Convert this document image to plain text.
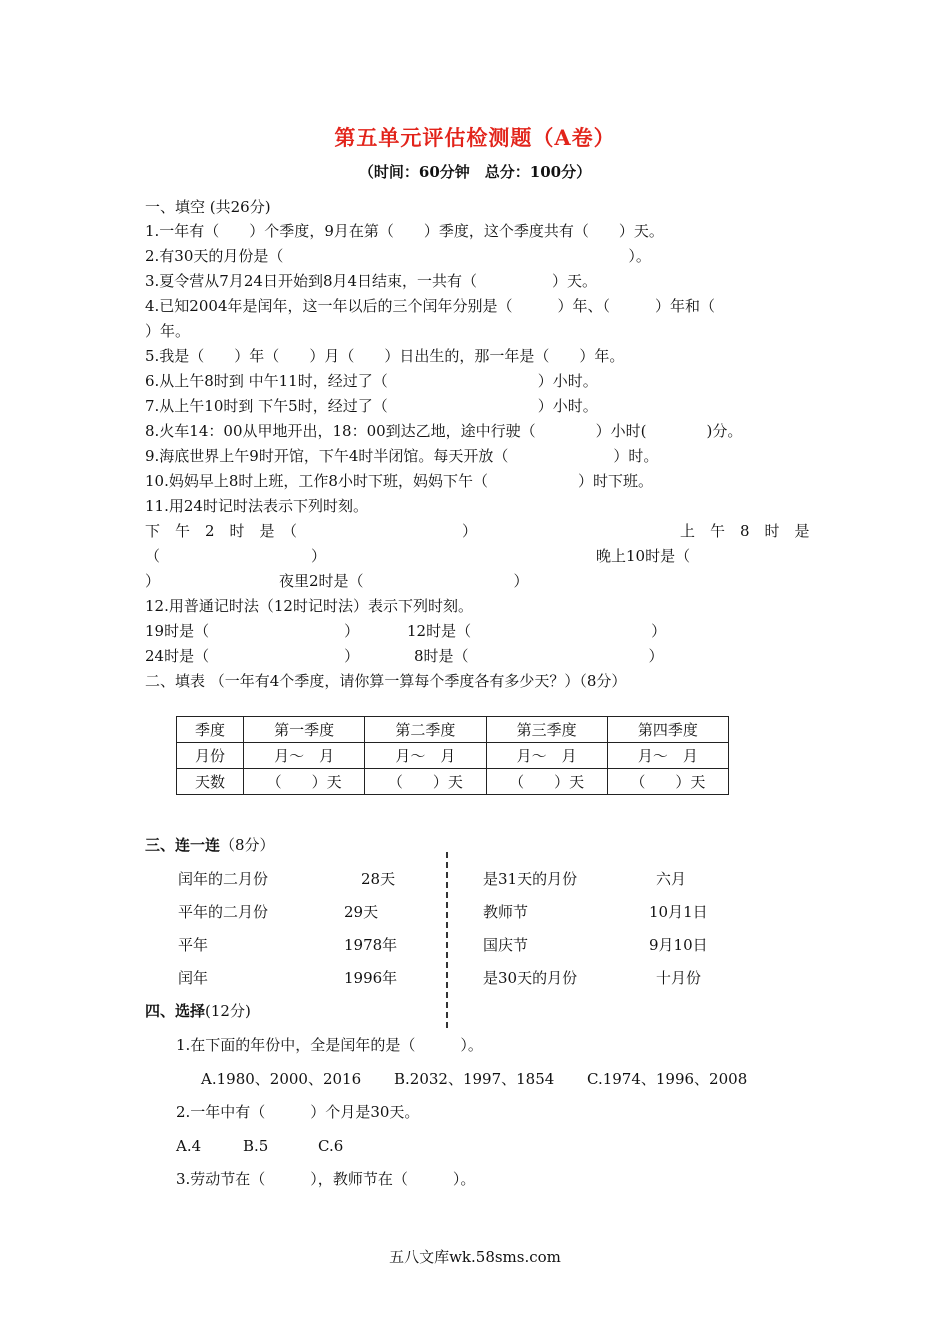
第五单元评估检测题（A卷）
（时间：60分钟　总分：100分）
一、填空 (共26分)
1.一年有（　　）个季度，9月在第（　　）季度，这个季度共有（　　）天。
2.有30天的月份是（　　　　　　　　　　　　　　　　　　　　　　　）。
3.夏令营从7月24日开始到8月4日结束，一共有（　　　　　）天。
4.已知2004年是闰年，这一年以后的三个闰年分别是（　　　）年、（　　　）年和（
）年。
5.我是（　　）年（　　）月（　　）日出生的，那一年是（　　）年。
6.从上午8时到 中午11时，经过了（　　　　　　　　　　）小时。
7.从上午10时到 下午5时，经过了（　　　　　　　　　　）小时。
8.火车14：00从甲地开出，18：00到达乙地，途中行驶（　　　　）小时(　　　　)分。
9.海底世界上午9时开馆，下午4时半闭馆。每天开放（　　　　　　　）时。
10.妈妈早上8时上班，工作8小时下班，妈妈下午（　　　　　　）时下班。
11.用24时记时法表示下列时刻。
下　午　2　时　是　（	）	上　午　8　时　是
（	）	晚上10时是（
）	夜里2时是（　　　　　　　　　　）
12.用普通记时法（12时记时法）表示下列时刻。
19时是（　　　　　　　　　）	12时是（　　　　　　　　　　　　）
24时是（　　　　　　　　　）	8时是（　　　　　　　　　　　　）
二、填表 （一年有4个季度，请你算一算每个季度各有多少天？）（8分）
季度	第一季度	第二季度	第三季度	第四季度
月份	月～　月	月～　月	月～　月	月～　月
天数	（　　）天	（　　）天	（　　）天	（　　）天
三、连一连（8分）
闰年的二月份	28天
平年的二月份	29天
平年	1978年
闰年	1996年
是31天的月份	六月
教师节	10月1日
国庆节	9月10日
是30天的月份	十月份
四、选择(12分)
1.在下面的年份中，全是闰年的是（　　　）。
A.1980、2000、2016 B.2032、1997、1854 C.1974、1996、2008
2.一年中有（　　　）个月是30天。
A.4	B.5	C.6
3.劳动节在（　　　），教师节在（　　　）。
五八文库wk.58sms.com
